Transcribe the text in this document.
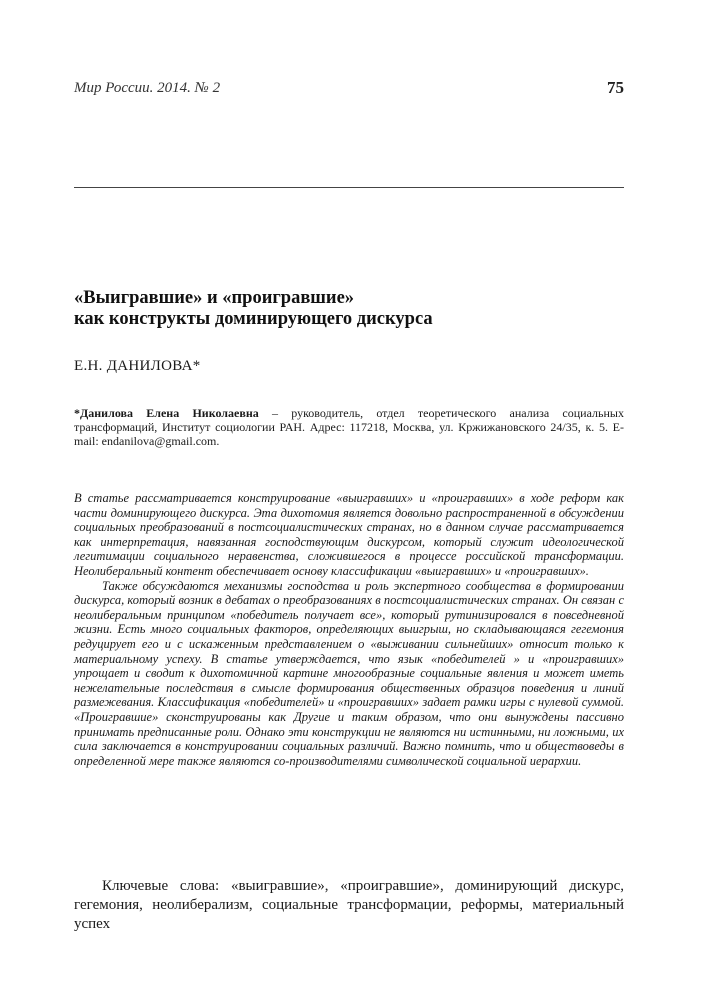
Мир России. 2014. № 2	75
«Выигравшие» и «проигравшие»
как конструкты доминирующего дискурса
Е.Н. ДАНИЛОВА*
*Данилова Елена Николаевна – руководитель, отдел теоретического анализа социальных трансформаций, Институт социологии РАН. Адрес: 117218, Москва, ул. Кржижановского 24/35, к. 5. E-mail: endanilova@gmail.com.

В статье рассматривается конструирование «выигравших» и «проигравших» в ходе реформ как части доминирующего дискурса. Эта дихотомия является довольно распространенной в обсуждении социальных преобразований в постсоциалистических странах, но в данном случае рассматривается как интерпретация, навязанная господствующим дискурсом, который служит идеологической легитимации социального неравенства, сложившегося в процессе российской трансформации. Неолиберальный контент обеспечивает основу классификации «выигравших» и «проигравших».

Также обсуждаются механизмы господства и роль экспертного сообщества в формировании дискурса, который возник в дебатах о преобразованиях в постсоциалистических странах. Он связан с неолиберальным принципом «победитель получает все», который рутинизировался в повседневной жизни. Есть много социальных факторов, определяющих выигрыш, но складывающаяся гегемония редуцирует его и с искаженным представлением о «выживании сильнейших» относит только к материальному успеху. В статье утверждается, что язык «победителей » и «проигравших» упрощает и сводит к дихотомичной картине многообразные социальные явления и может иметь нежелательные последствия в смысле формирования общественных образцов поведения и линий размежевания. Классификация «победителей» и «проигравших» задает рамки игры с нулевой суммой. «Проигравшие» сконструированы как Другие и таким образом, что они вынуждены пассивно принимать предписанные роли. Однако эти конструкции не являются ни истинными, ни ложными, их сила заключается в конструировании социальных различий. Важно помнить, что и обществоведы в определенной мере также являются со-производителями символической социальной иерархии.

Ключевые слова: «выигравшие», «проигравшие», доминирующий дискурс, гегемония, неолиберализм, социальные трансформации, реформы, материальный успех
